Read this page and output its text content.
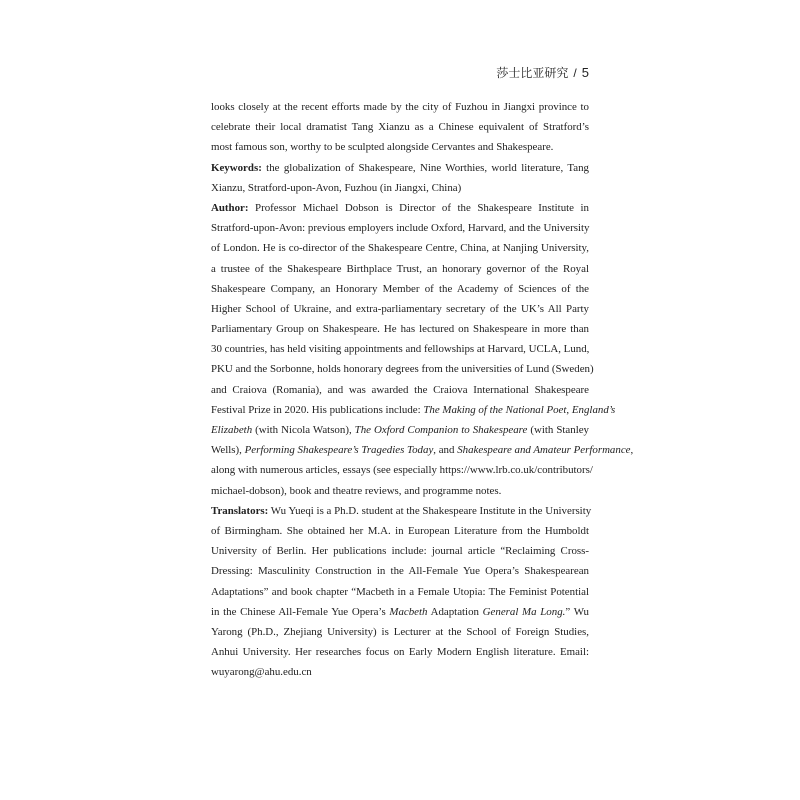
莎士比亚研究 / 5
looks closely at the recent efforts made by the city of Fuzhou in Jiangxi province to
celebrate their local dramatist Tang Xianzu as a Chinese equivalent of Stratford’s
most famous son, worthy to be sculpted alongside Cervantes and Shakespeare.
Keywords: the globalization of Shakespeare, Nine Worthies, world literature, Tang
Xianzu, Stratford-upon-Avon, Fuzhou (in Jiangxi, China)
Author: Professor Michael Dobson is Director of the Shakespeare Institute in
Stratford-upon-Avon: previous employers include Oxford, Harvard, and the University
of London. He is co-director of the Shakespeare Centre, China, at Nanjing University,
a trustee of the Shakespeare Birthplace Trust, an honorary governor of the Royal
Shakespeare Company, an Honorary Member of the Academy of Sciences of the
Higher School of Ukraine, and extra-parliamentary secretary of the UK’s All Party
Parliamentary Group on Shakespeare. He has lectured on Shakespeare in more than
30 countries, has held visiting appointments and fellowships at Harvard, UCLA, Lund,
PKU and the Sorbonne, holds honorary degrees from the universities of Lund (Sweden)
and Craiova (Romania), and was awarded the Craiova International Shakespeare
Festival Prize in 2020. His publications include: The Making of the National Poet, England’s
Elizabeth (with Nicola Watson), The Oxford Companion to Shakespeare (with Stanley
Wells), Performing Shakespeare’s Tragedies Today, and Shakespeare and Amateur Performance,
along with numerous articles, essays (see especially https://www.lrb.co.uk/contributors/
michael-dobson), book and theatre reviews, and programme notes.
Translators: Wu Yueqi is a Ph.D. student at the Shakespeare Institute in the University
of Birmingham. She obtained her M.A. in European Literature from the Humboldt
University of Berlin. Her publications include: journal article “Reclaiming Cross-
Dressing: Masculinity Construction in the All-Female Yue Opera’s Shakespearean
Adaptations” and book chapter “Macbeth in a Female Utopia: The Feminist Potential
in the Chinese All-Female Yue Opera’s Macbeth Adaptation General Ma Long.” Wu
Yarong (Ph.D., Zhejiang University) is Lecturer at the School of Foreign Studies,
Anhui University. Her researches focus on Early Modern English literature. Email:
wuyarong@ahu.edu.cn
